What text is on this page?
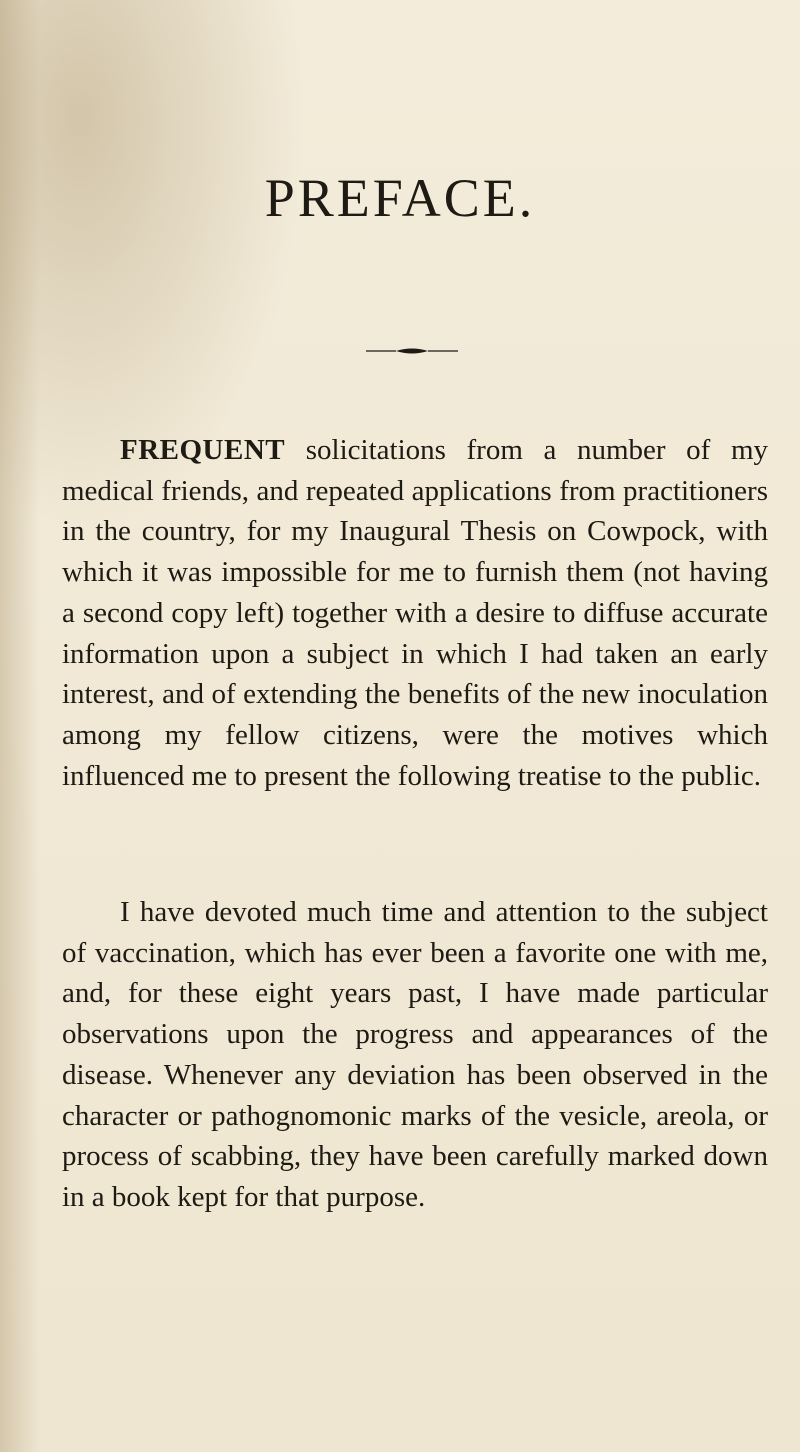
PREFACE.

FREQUENT solicitations from a number of my medical friends, and repeated applications from practitioners in the country, for my Inaugural Thesis on Cowpock, with which it was impossible for me to furnish them (not having a second copy left) together with a desire to diffuse accurate information upon a subject in which I had taken an early interest, and of extending the benefits of the new inoculation among my fellow citizens, were the motives which influenced me to present the following treatise to the public.

I have devoted much time and attention to the subject of vaccination, which has ever been a favorite one with me, and, for these eight years past, I have made particular observations upon the progress and appearances of the disease. Whenever any deviation has been observed in the character or pathognomonic marks of the vesicle, areola, or process of scabbing, they have been carefully marked down in a book kept for that purpose.
